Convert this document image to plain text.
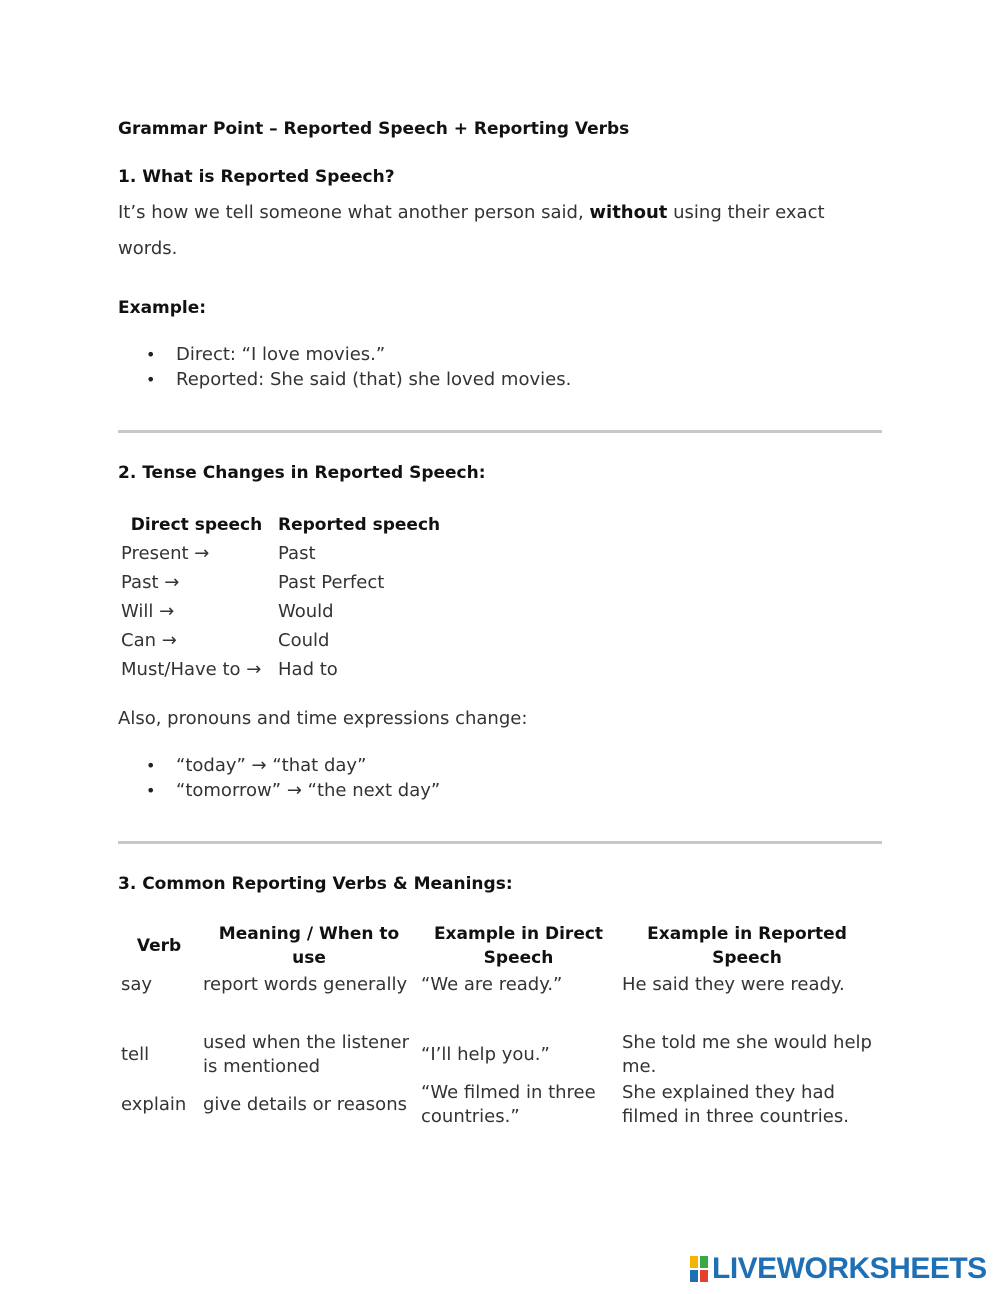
Grammar Point – Reported Speech + Reporting Verbs
1. What is Reported Speech?
It’s how we tell someone what another person said, without using their exact
words.
Example:
• Direct: “I love movies.”
• Reported: She said (that) she loved movies.
2. Tense Changes in Reported Speech:
Direct speech	Reported speech
Present →	Past
Past →	Past Perfect
Will →	Would
Can →	Could
Must/Have to →	Had to
Also, pronouns and time expressions change:
• “today” → “that day”
• “tomorrow” → “the next day”
3. Common Reporting Verbs & Meanings:
Verb	Meaning / When to use	Example in Direct Speech	Example in Reported Speech
say	report words generally	“We are ready.”	He said they were ready.
tell	used when the listener is mentioned	“I’ll help you.”	She told me she would help me.
explain	give details or reasons	“We filmed in three countries.”	She explained they had filmed in three countries.
LIVEWORKSHEETS
